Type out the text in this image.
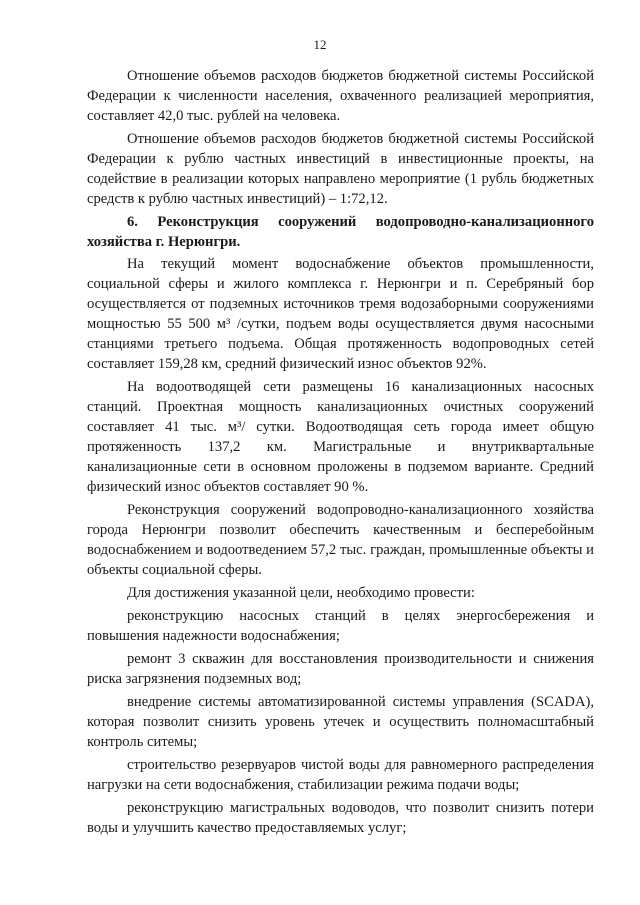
12

Отношение объемов расходов бюджетов бюджетной системы Российской Федерации к численности населения, охваченного реализацией мероприятия, составляет 42,0 тыс. рублей на человека.

Отношение объемов расходов бюджетов бюджетной системы Российской Федерации к рублю частных инвестиций в инвестиционные проекты, на содействие в реализации которых направлено мероприятие (1 рубль бюджетных средств к рублю частных инвестиций) – 1:72,12.

6. Реконструкция сооружений водопроводно-канализационного хозяйства г. Нерюнгри.

На текущий момент водоснабжение объектов промышленности, социальной сферы и жилого комплекса г. Нерюнгри и п. Серебряный бор осуществляется от подземных источников тремя водозаборными сооружениями мощностью 55 500 м³ /сутки, подъем воды осуществляется двумя насосными станциями третьего подъема. Общая протяженность водопроводных сетей составляет 159,28 км, средний физический износ объектов 92%.

На водоотводящей сети размещены 16 канализационных насосных станций. Проектная мощность канализационных очистных сооружений составляет 41 тыс. м³/ сутки. Водоотводящая сеть города имеет общую протяженность 137,2 км. Магистральные и внутриквартальные канализационные сети в основном проложены в подземом варианте. Средний физический износ объектов составляет 90 %.

Реконструкция сооружений водопроводно-канализационного хозяйства города Нерюнгри позволит обеспечить качественным и бесперебойным водоснабжением и водоотведением 57,2 тыс. граждан, промышленные объекты и объекты социальной сферы.

Для достижения указанной цели, необходимо провести:

реконструкцию насосных станций в целях энергосбережения и повышения надежности водоснабжения;

ремонт 3 скважин для восстановления производительности и снижения риска загрязнения подземных вод;

внедрение системы автоматизированной системы управления (SCADA), которая позволит снизить уровень утечек и осуществить полномасштабный контроль ситемы;

строительство резервуаров чистой воды для равномерного распределения нагрузки на сети водоснабжения, стабилизации режима подачи воды;

реконструкцию магистральных водоводов, что позволит снизить потери воды и улучшить качество предоставляемых услуг;
